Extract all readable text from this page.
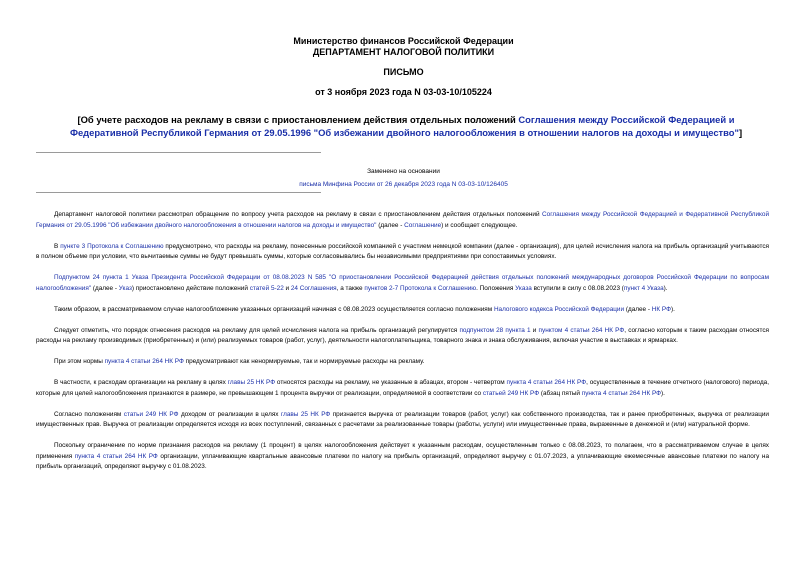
Министерство финансов Российской Федерации
ДЕПАРТАМЕНТ НАЛОГОВОЙ ПОЛИТИКИ
ПИСЬМО
от 3 ноября 2023 года N 03-03-10/105224
[Об учете расходов на рекламу в связи с приостановлением действия отдельных положений Соглашения между Российской Федерацией и Федеративной Республикой Германия от 29.05.1996 "Об избежании двойного налогообложения в отношении налогов на доходы и имущество"]
Заменено на основании
письма Минфина России от 26 декабря 2023 года N 03-03-10/126405

Департамент налоговой политики рассмотрел обращение по вопросу учета расходов на рекламу в связи с приостановлением действия отдельных положений Соглашения между Российской Федерацией и Федеративной Республикой Германия от 29.05.1996 "Об избежании двойного налогообложения в отношении налогов на доходы и имущество" (далее - Соглашение) и сообщает следующее.

В пункте 3 Протокола к Соглашению предусмотрено, что расходы на рекламу, понесенные российской компанией с участием немецкой компании (далее - организация), для целей исчисления налога на прибыль организаций учитываются в полном объеме при условии, что вычитаемые суммы не будут превышать суммы, которые согласовывались бы независимыми предприятиями при сопоставимых условиях.

Подпунктом 24 пункта 1 Указа Президента Российской Федерации от 08.08.2023 N 585 "О приостановлении Российской Федерацией действия отдельных положений международных договоров Российской Федерации по вопросам налогообложения" (далее - Указ) приостановлено действие положений статей 5-22 и 24 Соглашения, а также пунктов 2-7 Протокола к Соглашению. Положения Указа вступили в силу с 08.08.2023 (пункт 4 Указа).

Таким образом, в рассматриваемом случае налогообложение указанных организаций начиная с 08.08.2023 осуществляется согласно положениям Налогового кодекса Российской Федерации (далее - НК РФ).

Следует отметить, что порядок отнесения расходов на рекламу для целей исчисления налога на прибыль организаций регулируется подпунктом 28 пункта 1 и пунктом 4 статьи 264 НК РФ, согласно которым к таким расходам относятся расходы на рекламу производимых (приобретенных) и (или) реализуемых товаров (работ, услуг), деятельности налогоплательщика, товарного знака и знака обслуживания, включая участие в выставках и ярмарках.

При этом нормы пункта 4 статьи 264 НК РФ предусматривают как ненормируемые, так и нормируемые расходы на рекламу.

В частности, к расходам организации на рекламу в целях главы 25 НК РФ относятся расходы на рекламу, не указанные в абзацах, втором - четвертом пункта 4 статьи 264 НК РФ, осуществленные в течение отчетного (налогового) периода, которые для целей налогообложения признаются в размере, не превышающем 1 процента выручки от реализации, определяемой в соответствии со статьей 249 НК РФ (абзац пятый пункта 4 статьи 264 НК РФ).

Согласно положениям статьи 249 НК РФ доходом от реализации в целях главы 25 НК РФ признается выручка от реализации товаров (работ, услуг) как собственного производства, так и ранее приобретенных, выручка от реализации имущественных прав. Выручка от реализации определяется исходя из всех поступлений, связанных с расчетами за реализованные товары (работы, услуги) или имущественные права, выраженные в денежной и (или) натуральной форме.

Поскольку ограничение по норме признания расходов на рекламу (1 процент) в целях налогообложения действует к указанным расходам, осуществленным только с 08.08.2023, то полагаем, что в рассматриваемом случае в целях применения пункта 4 статьи 264 НК РФ организации, уплачивающие квартальные авансовые платежи по налогу на прибыль организаций, определяют выручку с 01.07.2023, а уплачивающие ежемесячные авансовые платежи по налогу на прибыль организаций, определяют выручку с 01.08.2023.
